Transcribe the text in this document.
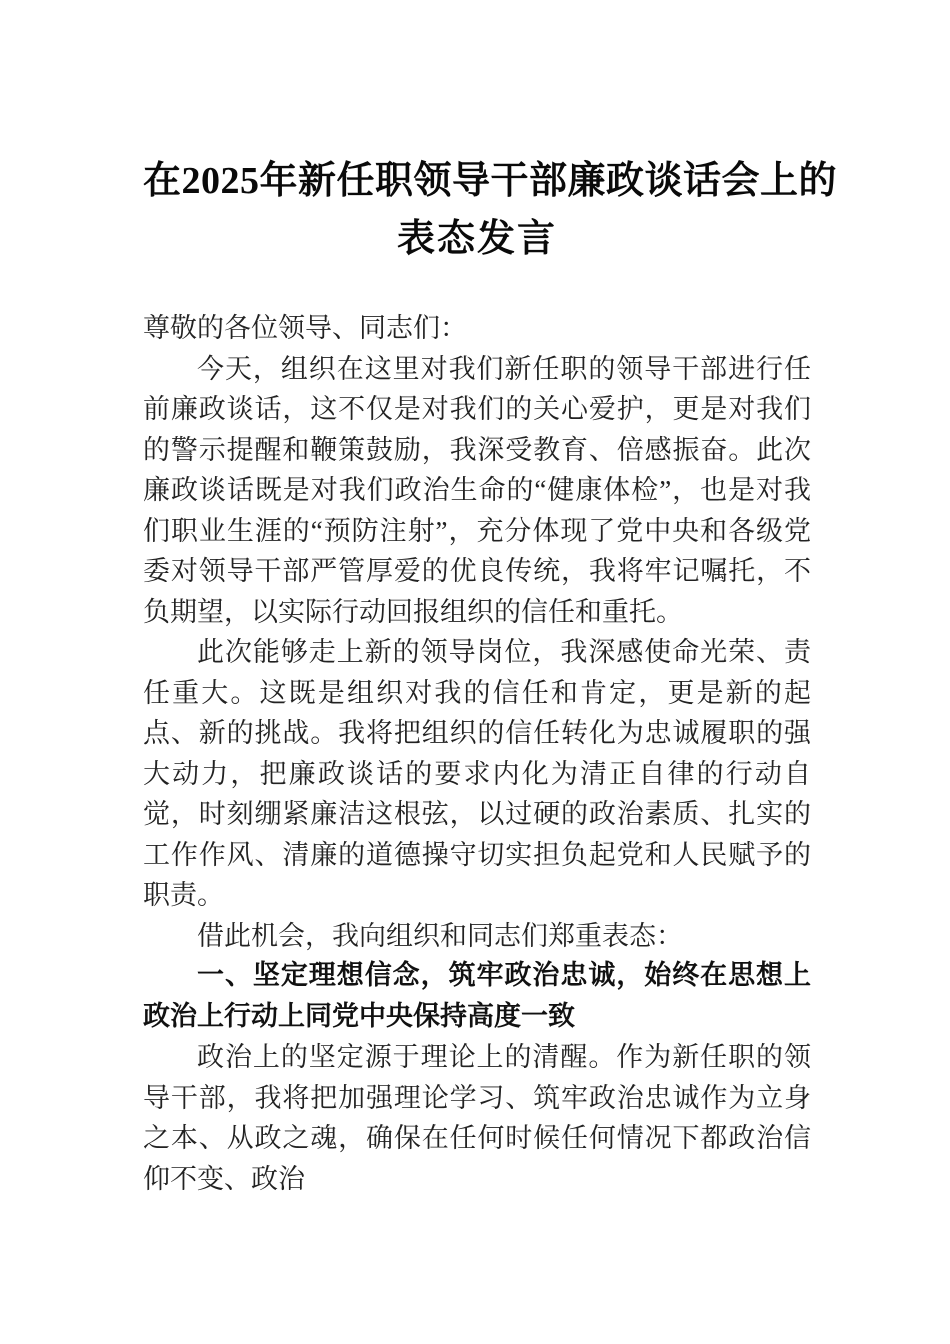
在2025年新任职领导干部廉政谈话会上的
表态发言

尊敬的各位领导、同志们：

今天，组织在这里对我们新任职的领导干部进行任前廉政谈话，这不仅是对我们的关心爱护，更是对我们的警示提醒和鞭策鼓励，我深受教育、倍感振奋。此次廉政谈话既是对我们政治生命的“健康体检”，也是对我们职业生涯的“预防注射”，充分体现了党中央和各级党委对领导干部严管厚爱的优良传统，我将牢记嘱托，不负期望，以实际行动回报组织的信任和重托。

此次能够走上新的领导岗位，我深感使命光荣、责任重大。这既是组织对我的信任和肯定，更是新的起点、新的挑战。我将把组织的信任转化为忠诚履职的强大动力，把廉政谈话的要求内化为清正自律的行动自觉，时刻绷紧廉洁这根弦，以过硬的政治素质、扎实的工作作风、清廉的道德操守切实担负起党和人民赋予的职责。

借此机会，我向组织和同志们郑重表态：

一、坚定理想信念，筑牢政治忠诚，始终在思想上政治上行动上同党中央保持高度一致

政治上的坚定源于理论上的清醒。作为新任职的领导干部，我将把加强理论学习、筑牢政治忠诚作为立身之本、从政之魂，确保在任何时候任何情况下都政治信仰不变、政治
